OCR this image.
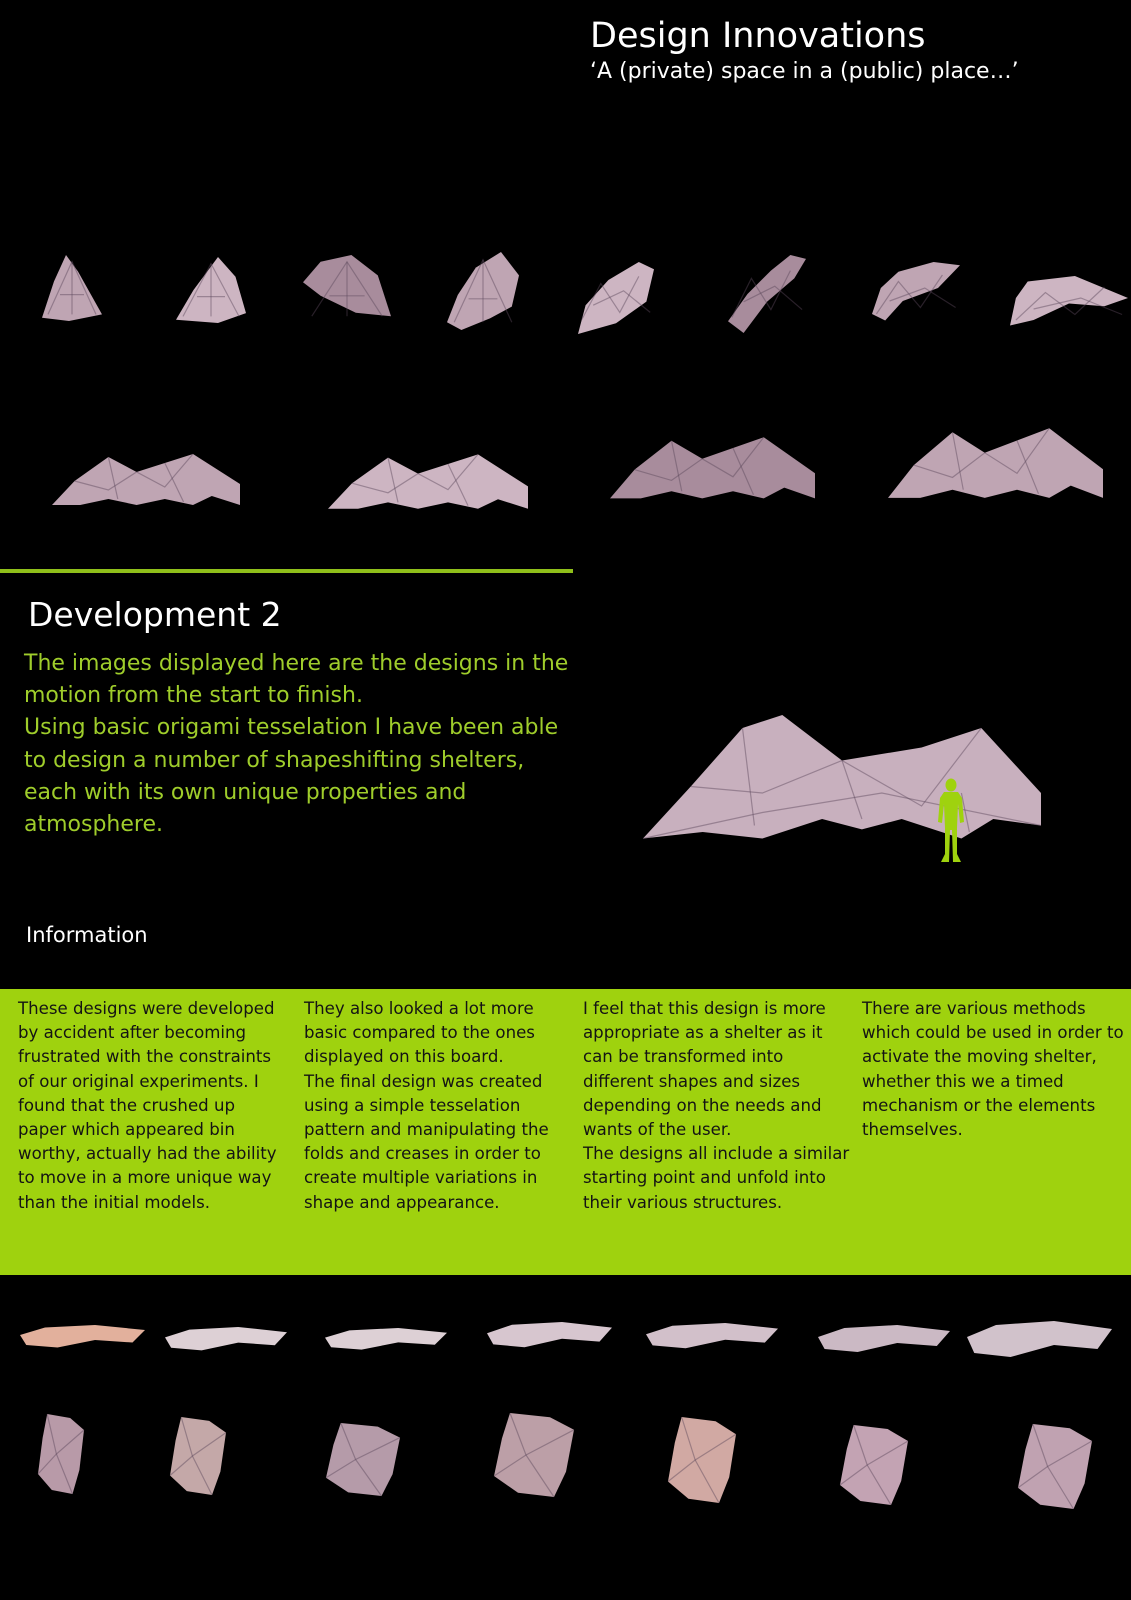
Design Innovations
‘A (private) space in a (public) place…’
Development 2

The images displayed here are the designs in the motion from the start to finish.

Using basic origami tesselation I have been able to design a number of shapeshifting shelters, each with its own unique properties and atmosphere.

Information

These designs were developed by accident after becoming frustrated with the constraints of our original experiments. I found that the crushed up paper which appeared bin worthy, actually had the ability to move in a more unique way than the initial models.

They also looked a lot more basic compared to the ones displayed on this board.

The final design was created using a simple tesselation pattern and manipulating the folds and creases in order to create multiple variations in shape and appearance.

I feel that this design is more appropriate as a shelter as it can be transformed into different shapes and sizes depending on the needs and wants of the user.

The designs all include a similar starting point and unfold into their various structures.

There are various methods which could be used in order to activate the moving shelter, whether this we a timed mechanism or the elements themselves.
